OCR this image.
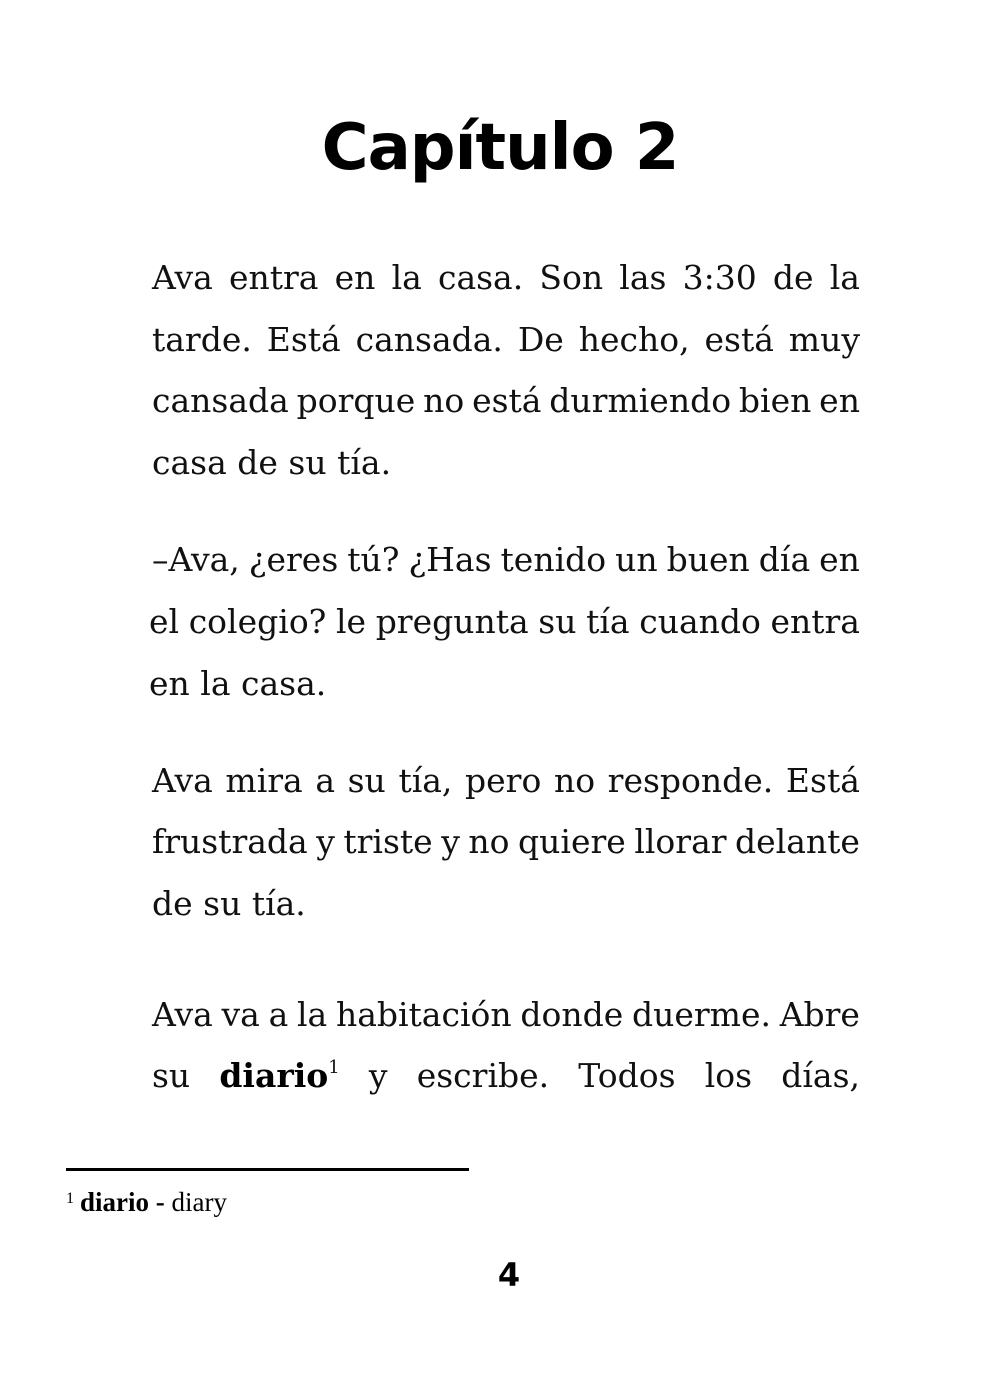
Capítulo 2
Ava entra en la casa. Son las 3:30 de la
tarde. Está cansada. De hecho, está muy
cansada porque no está durmiendo bien en
casa de su tía.
–Ava, ¿eres tú? ¿Has tenido un buen día en
el colegio? le pregunta su tía cuando entra
en la casa.
Ava mira a su tía, pero no responde. Está
frustrada y triste y no quiere llorar delante
de su tía.
Ava va a la habitación donde duerme. Abre
su diario$^1$ y escribe. Todos los días,
$^1$ diario - diary
4
